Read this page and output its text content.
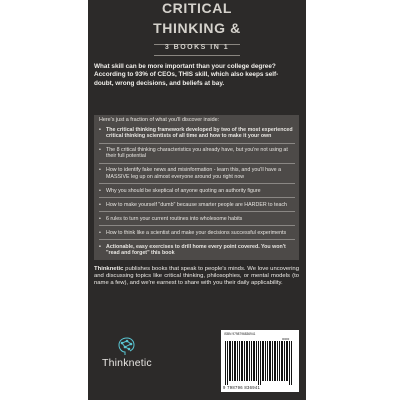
CRITICAL
THINKING &
3 BOOKS IN 1
What skill can be more important than your college degree? According to 93% of CEOs, THIS skill, which also keeps self-doubt, wrong decisions, and beliefs at bay.
Here's just a fraction of what you'll discover inside:
• The critical thinking framework developed by two of the most experienced critical thinking scientists of all time and how to make it your own
• The 8 critical thinking characteristics you already have, but you're not using at their full potential
• How to identify fake news and misinformation - learn this, and you'll have a MASSIVE leg up on almost everyone around you right now
• Why you should be skeptical of anyone quoting an authority figure
• How to make yourself "dumb" because smarter people are HARDER to teach
• 6 rules to turn your current routines into wholesome habits
• How to think like a scientist and make your decisions successful experiments
• Actionable, easy exercises to drill home every point covered. You won't "read and forget" this book
Thinknetic publishes books that speak to people's minds. We love uncovering and discussing topics like critical thinking, philosophies, or mental models (to name a few), and we're earnest to share with you their daily applicability.
Thinknetic
ISBN 9798796836941
90000
9 798796 836941
